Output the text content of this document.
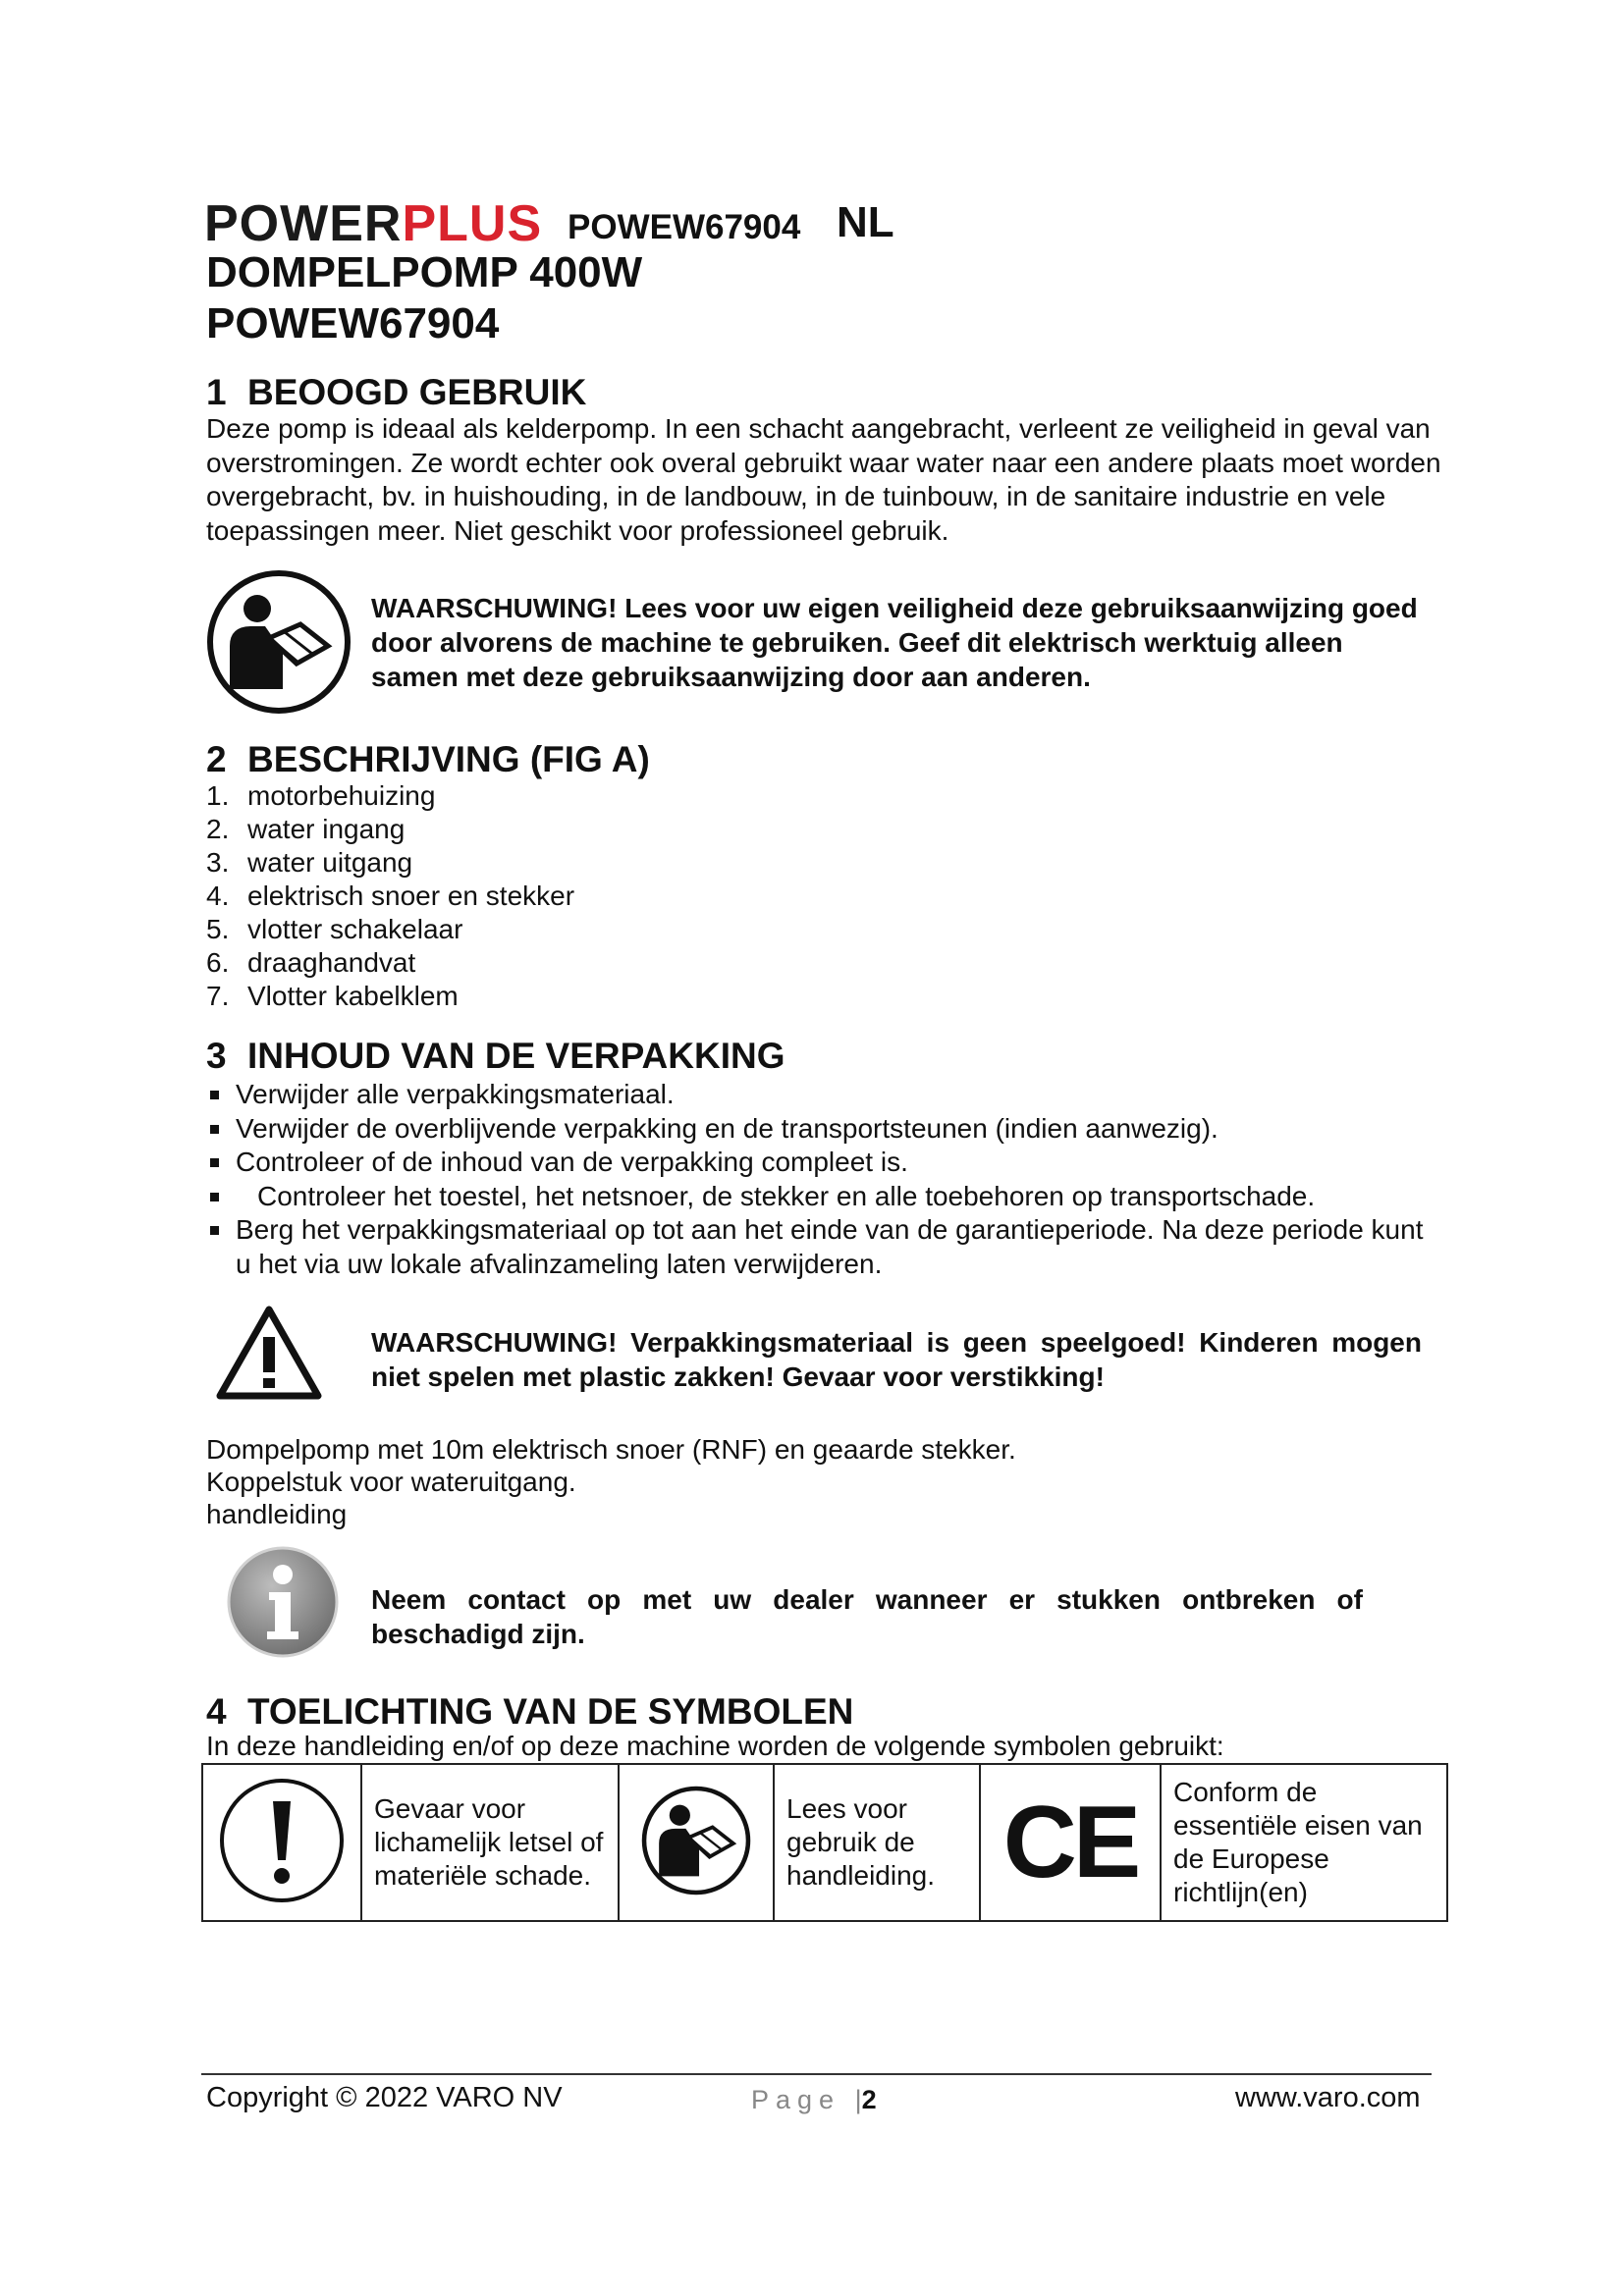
POWERPLUS POWEW67904 NL
DOMPELPOMP 400W
POWEW67904
1 BEOOGD GEBRUIK
Deze pomp is ideaal als kelderpomp. In een schacht aangebracht, verleent ze veiligheid in geval van overstromingen. Ze wordt echter ook overal gebruikt waar water naar een andere plaats moet worden overgebracht, bv. in huishouding, in de landbouw, in de tuinbouw, in de sanitaire industrie en vele toepassingen meer. Niet geschikt voor professioneel gebruik.
WAARSCHUWING! Lees voor uw eigen veiligheid deze gebruiksaanwijzing goed door alvorens de machine te gebruiken. Geef dit elektrisch werktuig alleen samen met deze gebruiksaanwijzing door aan anderen.
2 BESCHRIJVING (FIG A)
1. motorbehuizing
2. water ingang
3. water uitgang
4. elektrisch snoer en stekker
5. vlotter schakelaar
6. draaghandvat
7. Vlotter kabelklem
3 INHOUD VAN DE VERPAKKING
Verwijder alle verpakkingsmateriaal.
Verwijder de overblijvende verpakking en de transportsteunen (indien aanwezig).
Controleer of de inhoud van de verpakking compleet is.
Controleer het toestel, het netsnoer, de stekker en alle toebehoren op transportschade.
Berg het verpakkingsmateriaal op tot aan het einde van de garantieperiode. Na deze periode kunt u het via uw lokale afvalinzameling laten verwijderen.
WAARSCHUWING! Verpakkingsmateriaal is geen speelgoed! Kinderen mogen niet spelen met plastic zakken! Gevaar voor verstikking!
Dompelpomp met 10m elektrisch snoer (RNF) en geaarde stekker.
Koppelstuk voor wateruitgang.
handleiding
Neem contact op met uw dealer wanneer er stukken ontbreken of beschadigd zijn.
4 TOELICHTING VAN DE SYMBOLEN
In deze handleiding en/of op deze machine worden de volgende symbolen gebruikt:
	Gevaar voor lichamelijk letsel of materiële schade.		Lees voor gebruik de handleiding.	CE	Conform de essentiële eisen van de Europese richtlijn(en)
Copyright © 2022 VARO NV	Page |2	www.varo.com
